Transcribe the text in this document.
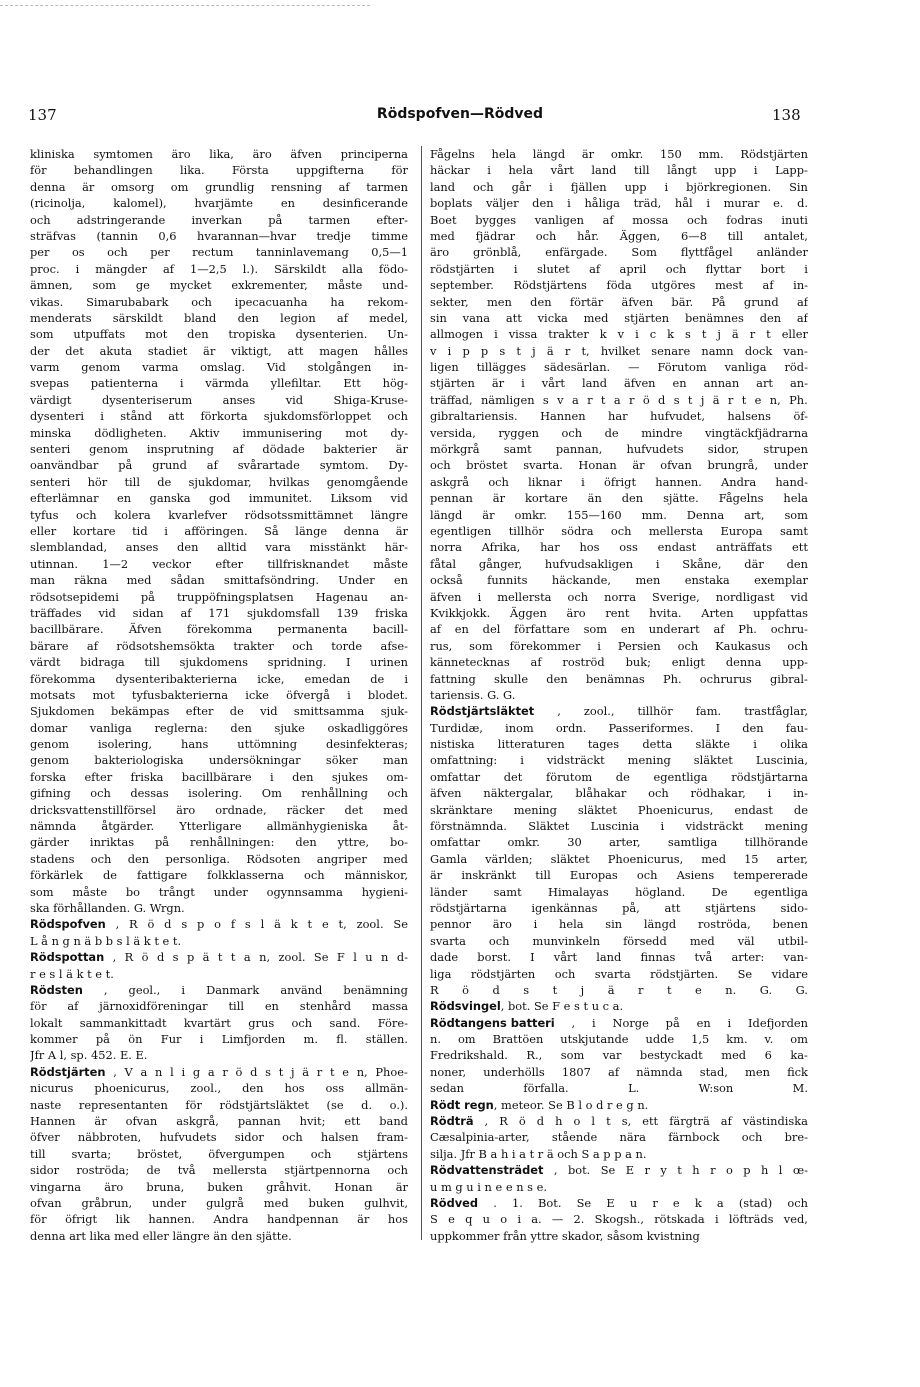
137	Rödspofven—Rödved	138
kliniska symtomen äro lika, äro äfven principerna
för behandlingen lika. Första uppgifterna för
denna är omsorg om grundlig rensning af tarmen
(ricinolja, kalomel), hvarjämte en desinficerande
och adstringerande inverkan på tarmen efter-
sträfvas (tannin 0,6 hvarannan—hvar tredje timme
per os och per rectum tanninlavemang 0,5—1
proc. i mängder af 1—2,5 l.). Särskildt alla födo-
ämnen, som ge mycket exkrementer, måste und-
vikas. Simarubabark och ipecacuanha ha rekom-
menderats särskildt bland den legion af medel,
som utpuffats mot den tropiska dysenterien. Un-
der det akuta stadiet är viktigt, att magen hålles
varm genom varma omslag. Vid stolgången in-
svepas patienterna i värmda yllefiltar. Ett hög-
värdigt	dysenteriserum	anses	vid	Shiga-Kruse-
dysenteri i stånd att förkorta sjukdomsförloppet och
minska dödligheten. Aktiv immunisering mot dy-
senteri genom insprutning af dödade bakterier är
oanvändbar på grund af svårartade symtom. Dy-
senteri hör till de sjukdomar, hvilkas genomgående
efterlämnar en ganska god immunitet. Liksom vid
tyfus och kolera kvarlefver rödsotssmittämnet längre
eller kortare tid i afföringen. Så länge denna är
slemblandad, anses den alltid vara misstänkt här-
utinnan. 1—2 veckor efter tillfrisknandet måste
man räkna med sådan smittafsöndring. Under en
rödsotsepidemi på truppöfningsplatsen Hagenau an-
träffades vid sidan af 171 sjukdomsfall 139 friska
bacillbärare. Äfven förekomma permanenta bacill-
bärare af rödsotshemsökta trakter och torde afse-
värdt bidraga till sjukdomens spridning. I urinen
förekomma dysenteribakterierna icke, emedan de i
motsats mot tyfusbakterierna icke öfvergå i blodet.
Sjukdomen bekämpas efter de vid smittsamma sjuk-
domar vanliga reglerna: den sjuke oskadliggöres
genom	isolering,	hans	uttömning	desinfekteras;
genom bakteriologiska undersökningar söker man
forska efter friska bacillbärare i den sjukes om-
gifning och dessas isolering. Om renhållning och
dricksvattenstillförsel äro ordnade, räcker det med
nämnda åtgärder. Ytterligare allmänhygieniska åt-
gärder inriktas på renhållningen: den yttre, bo-
stadens och den personliga. Rödsoten angriper med
förkärlek de fattigare folkklasserna och människor,
som måste bo trångt under ogynnsamma hygieni-
ska förhållanden. G. Wrgn.
Rödspofven , R ö d s p o f s l ä k t e t, zool. Se
L å n g n ä b b s l ä k t e t.
Rödspottan , R ö d s p ä t t a n, zool. Se F l u n d-
r e s l ä k t e t.
Rödsten , geol., i Danmark använd benämning
för af järnoxidföreningar till en stenhård massa
lokalt sammankittadt kvartärt grus och sand. Före-
kommer på ön Fur i Limfjorden m. fl. ställen.
Jfr A l, sp. 452. E. E.
Rödstjärten , V a n l i g a r ö d s t j ä r t e n, Phoe-
nicurus phoenicurus, zool., den hos oss allmän-
naste representanten för rödstjärtsläktet (se d. o.).
Hannen är ofvan askgrå, pannan hvit; ett band
öfver näbbroten, hufvudets sidor och halsen fram-
till svarta; bröstet, öfvergumpen och stjärtens
sidor roströda; de två mellersta stjärtpennorna och
vingarna äro bruna, buken gråhvit. Honan är
ofvan gråbrun, under gulgrå med buken gulhvit,
för öfrigt lik hannen. Andra handpennan är hos
denna art lika med eller längre än den sjätte.
Fågelns hela längd är omkr. 150 mm. Rödstjärten
häckar i hela vårt land till långt upp i Lapp-
land och går i fjällen upp i björkregionen. Sin
boplats väljer den i håliga träd, hål i murar e. d.
Boet bygges vanligen af mossa och fodras inuti
med fjädrar och hår. Äggen, 6—8 till antalet,
äro grönblå, enfärgade. Som flyttfågel anländer
rödstjärten i slutet af april och flyttar bort i
september. Rödstjärtens föda utgöres mest af in-
sekter, men den förtär äfven bär. På grund af
sin vana att vicka med stjärten benämnes den af
allmogen i vissa trakter k v i c k s t j ä r t eller
v i p p s t j ä r t, hvilket senare namn dock van-
ligen tillägges sädesärlan. — Förutom vanliga röd-
stjärten är i vårt land äfven en annan art an-
träffad, nämligen s v a r t a r ö d s t j ä r t e n, Ph.
gibraltariensis. Hannen har hufvudet, halsens öf-
versida, ryggen och de mindre vingtäckfjädrarna
mörkgrå samt pannan, hufvudets sidor, strupen
och bröstet svarta. Honan är ofvan brungrå, under
askgrå och liknar i öfrigt hannen. Andra hand-
pennan är kortare än den sjätte. Fågelns hela
längd är omkr. 155—160 mm. Denna art, som
egentligen tillhör södra och mellersta Europa samt
norra Afrika, har hos oss endast anträffats ett
fåtal gånger, hufvudsakligen i Skåne, där den
också funnits häckande, men enstaka exemplar
äfven i mellersta och norra Sverige, nordligast vid
Kvikkjokk. Äggen äro rent hvita. Arten uppfattas
af en del författare som en underart af Ph. ochru-
rus, som förekommer i Persien och Kaukasus och
kännetecknas af roströd buk; enligt denna upp-
fattning skulle den benämnas Ph. ochrurus gibral-
tariensis. G. G.
Rödstjärtsläktet , zool., tillhör fam. trastfåglar,
Turdidæ, inom ordn. Passeriformes. I den fau-
nistiska litteraturen tages detta släkte i olika
omfattning: i vidsträckt mening släktet Luscinia,
omfattar det förutom de egentliga rödstjärtarna
äfven näktergalar, blåhakar och rödhakar, i in-
skränktare mening släktet Phoenicurus, endast de
förstnämnda. Släktet Luscinia i vidsträckt mening
omfattar omkr. 30 arter, samtliga tillhörande
Gamla världen; släktet Phoenicurus, med 15 arter,
är inskränkt till Europas och Asiens tempererade
länder samt Himalayas högland. De egentliga
rödstjärtarna igenkännas på, att stjärtens sido-
pennor äro i hela sin längd roströda, benen
svarta och munvinkeln försedd med väl utbil-
dade borst. I vårt land finnas två arter: van-
liga rödstjärten och svarta rödstjärten. Se vidare
R ö d s t j ä r t e n. G. G.
Rödsvingel , bot. Se F e s t u c a.
Rödtangens batteri , i Norge på en i Idefjorden
n. om Brattöen utskjutande udde 1,5 km. v. om
Fredrikshald. R., som var bestyckadt med 6 ka-
noner, underhölls 1807 af nämnda stad, men fick
sedan	förfalla.	L.	W:son	M.
Rödt regn , meteor. Se B l o d r e g n.
Rödträ , R ö d h o l t s, ett färgträ af västindiska
Cæsalpinia-arter, stående nära färnbock och bre-
silja. Jfr B a h i a t r ä och S a p p a n.
Rödvattensträdet , bot. Se E r y t h r o p h l œ-
u m g u i n e e n s e.
Rödved . 1. Bot. Se E u r e k a (stad) och
S e q u o i a. — 2. Skogsh., rötskada i löfträds ved,
uppkommer från yttre skador, såsom kvistning
